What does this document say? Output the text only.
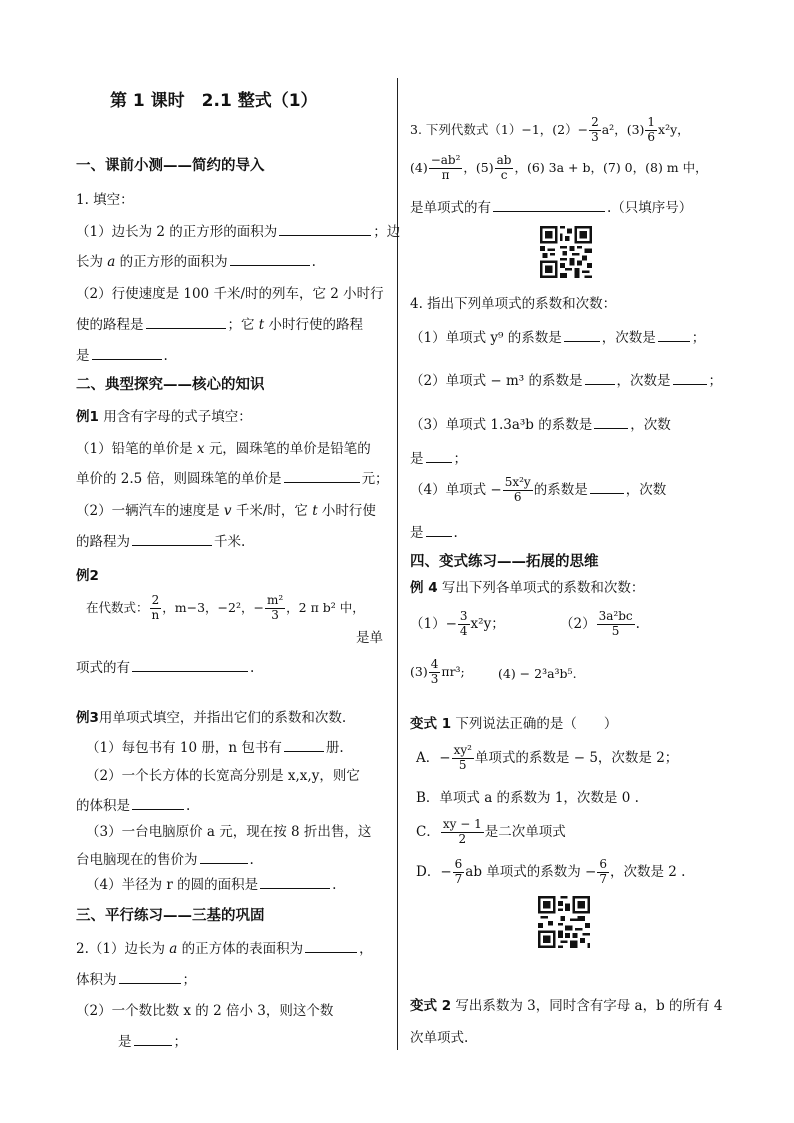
第 1 课时　2.1 整式（1）
一、课前小测——简约的导入
1. 填空：
（1）边长为 2 的正方形的面积为	；边
长为 a 的正方形的面积为	.
（2）行使速度是 100 千米/时的列车，它 2 小时行
使的路程是	；它 t 小时行使的路程
是	.
二、典型探究——核心的知识
例1 用含有字母的式子填空：
（1）铅笔的单价是 x 元，圆珠笔的单价是铅笔的
单价的 2.5 倍，则圆珠笔的单价是	元；
（2）一辆汽车的速度是 v 千米/时，它 t 小时行使
的路程为	千米.
例2
在代数式： $\frac{2}{n}$ ，m−3，−2²，− $\frac{\text{m²}}{3}$ ，2 π b² 中，
是单
项式的有	.
例3用单项式填空，并指出它们的系数和次数.
（1）每包书有 10 册，n 包书有	册.
（2）一个长方体的长宽高分别是 x,x,y，则它
的体积是	.
（3）一台电脑原价 a 元，现在按 8 折出售，这
台电脑现在的售价为	.
（4）半径为 r 的圆的面积是	.
三、平行练习——三基的巩固
2.（1）边长为 a 的正方体的表面积为	，
体积为	；
（2）一个数比数 x 的 2 倍小 3，则这个数
是	；
3. 下列代数式（1）−1，$(2)- \frac{2}{3} a^2$，$(3) \frac{1}{6} x^2y$，
$(4) \frac{\text{−ab²}}{\pi}$ ，$(5) \frac{ab}{c}$ ，(6) 3a + b，(7) 0，(8) m 中，
是单项式的有	.（只填序号）
4. 指出下列单项式的系数和次数：
（1）单项式 y⁹ 的系数是	，次数是	；
（2）单项式 − m³ 的系数是	，次数是	；
（3）单项式 1.3a³b 的系数是	，次数
是 ；
（4）单项式 − $\frac{\text{5x²y}}{6}$ 的系数是	，次数
是 .
四、变式练习——拓展的思维
例 4 写出下列各单项式的系数和次数：
$(1)- \frac{3}{4} x^2y$；	$(2) \frac{\text{3a²bc}}{5}$ .
$(3) \frac{4}{3} \pi r^3$;	(4) − 2³a³b⁵.
变式 1 下列说法正确的是（　　）
A．− $\frac{\text{xy²}}{5}$ 单项式的系数是 − 5，次数是 2；
B．单项式 a 的系数为 1，次数是 0 .
C． $\frac{xy - 1}{2}$ 是二次单项式
D．− $\frac{6}{7}$ ab 单项式的系数为 − $\frac{6}{7}$ ，次数是 2 .
变式 2 写出系数为 3，同时含有字母 a，b 的所有 4
次单项式.
